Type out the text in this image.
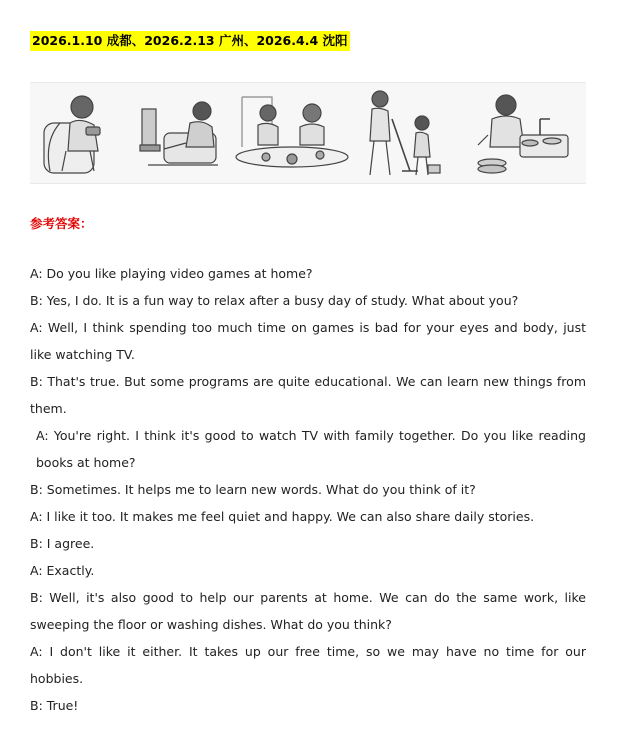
2026.1.10 成都、2026.2.13 广州、2026.4.4 沈阳
参考答案：

A: Do you like playing video games at home?

B: Yes, I do. It is a fun way to relax after a busy day of study. What about you?

A: Well, I think spending too much time on games is bad for your eyes and body, just like watching TV.

B: That's true. But some programs are quite educational. We can learn new things from them.

A: You're right. I think it's good to watch TV with family together. Do you like reading books at home?

B: Sometimes. It helps me to learn new words. What do you think of it?

A: I like it too. It makes me feel quiet and happy. We can also share daily stories.

B: I agree.

A: Exactly.

B: Well, it's also good to help our parents at home. We can do the same work, like sweeping the floor or washing dishes. What do you think?

A: I don't like it either. It takes up our free time, so we may have no time for our hobbies.

B: True!
